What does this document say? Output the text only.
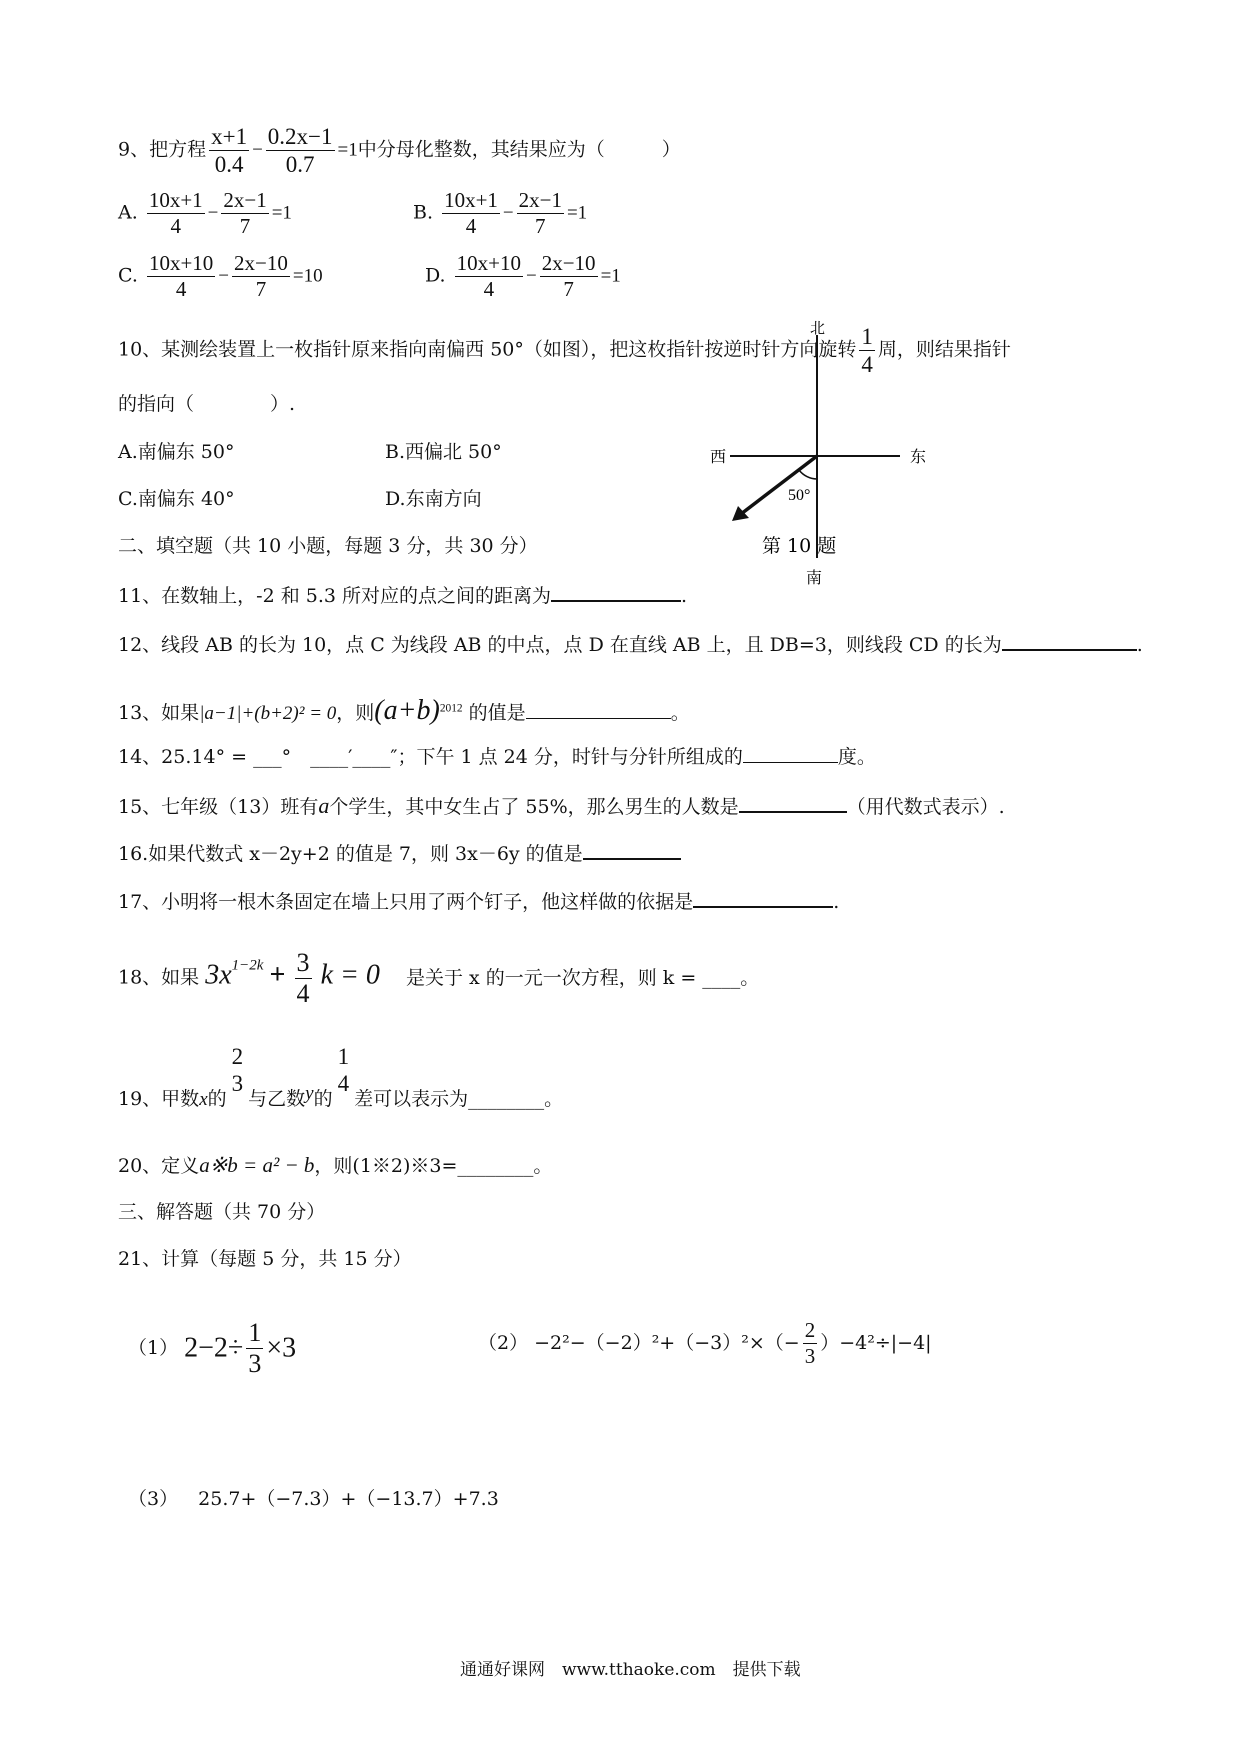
9、把方程 $\frac{x+1}{0.4} - \frac{0.2x-1}{0.7} =1$中分母化整数，其结果应为（　　　）
A. $\frac{10x+1}{4} - \frac{2x-1}{7} =1$	B. $\frac{10x+1}{4} - \frac{2x-1}{7} =1$
C. $\frac{10x+10}{4} - \frac{2x-10}{7} =10$	D. $\frac{10x+10}{4} - \frac{2x-10}{7} =1$
10、某测绘装置上一枚指针原来指向南偏西 50°（如图），把这枚指针按逆时针方向旋转 $\frac{1}{4}$ 周，则结果指针
的指向（　　　　）.
A.南偏东 50°	B.西偏北 50°
C.南偏东 40°	D.东南方向
北
西	东
南
50°
第 10 题
二、填空题（共 10 小题，每题 3 分，共 30 分）
11、在数轴上，-2 和 5.3 所对应的点之间的距离为	.
12、线段 AB 的长为 10，点 C 为线段 AB 的中点，点 D 在直线 AB 上，且 DB=3，则线段 CD 的长为	.
13、如果|a−1|+(b+2)² = 0，则$(a+b)^{2012}$ 的值是	。
14、25.14° = ___°　____′____″；下午 1 点 24 分，时针与分针所组成的	度。
15、七年级（13）班有a个学生，其中女生占了 55%，那么男生的人数是	（用代数式表示）.
16.如果代数式 x－2y+2 的值是 7，则 3x－6y 的值是
17、小明将一根木条固定在墙上只用了两个钉子，他这样做的依据是	.
18、如果 $3x^{1-2k} + \frac{3}{4}$ k = 0 是关于 x 的一元一次方程，则 k = ____。
19、甲数x的
2
3
与乙数y的
1
4
差可以表示为________。
20、定义a※b = a² − b，则(1※2)※3=________。
三、解答题（共 70 分）
21、计算（每题 5 分，共 15 分）
（1） $2-2\div \frac{1}{3} \times 3$	$(2) -2^2-(-2)^2+(-3)^2\times(- \frac{2}{3} )-4^2\div|-4|$
（3） 25.7+（−7.3）+（−13.7）+7.3
通通好课网　www.tthaoke.com　提供下载
